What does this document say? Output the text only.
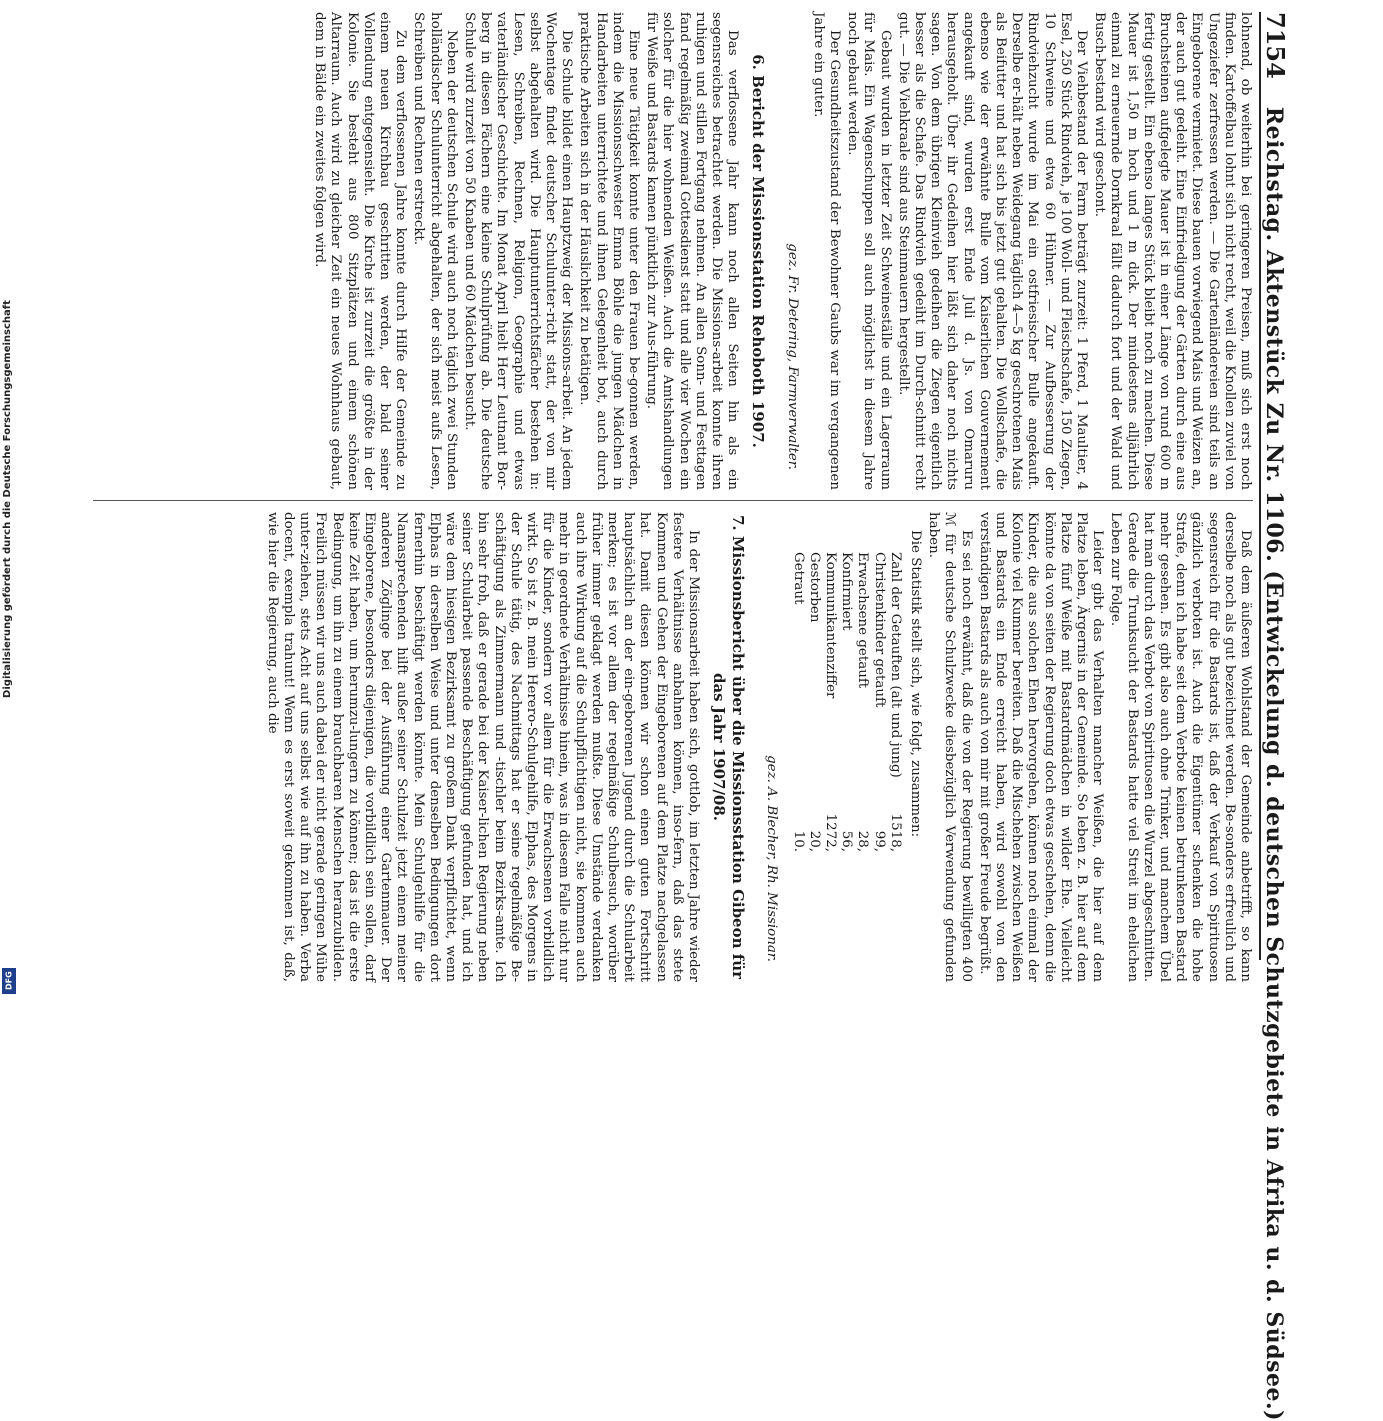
Digitalisierung gefördert durch die Deutsche Forschungsgemeinschaft
DFG
7154
Reichstag. Aktenstück Zu Nr. 1106. (Entwickelung d. deutschen Schutzgebiete in Afrika u. d. Südsee.)

lohnend, ob weiterhin bei geringeren Preisen, muß sich erst noch finden. Kartoffelbau lohnt sich nicht recht, weil die Knollen zuviel von Ungeziefer zerfressen werden. — Die Gartenländereien sind teils an Eingeborene vermietet. Diese bauen vorwiegend Mais und Weizen an, der auch gut gedeiht. Eine Einfriedigung der Gärten durch eine aus Bruchsteinen aufgelegte Mauer ist in einer Länge von rund 600 m fertig gestellt. Ein ebenso langes Stück bleibt noch zu machen. Diese Mauer ist 1,50 m hoch und 1 m dick. Der mindestens alljährlich einmal zu erneuernde Dornkraal fällt dadurch fort und der Wald und Busch-bestand wird geschont.

Der Viehbestand der Farm beträgt zurzeit: 1 Pferd, 1 Maultier, 4 Esel, 250 Stück Rindvieh, je 100 Woll- und Fleischschafe, 150 Ziegen, 10 Schweine und etwa 60 Hühner. — Zur Aufbesserung der Rindviehzucht wurde im Mai ein ostfriesischer Bulle angekauft. Derselbe er-hält neben Weidegang täglich 4—5 kg geschrotenen Mais als Beifutter und hat sich bis jetzt gut gehalten. Die Wollschafe, die ebenso wie der erwähnte Bulle vom Kaiserlichen Gouvernement angekauft sind, wurden erst Ende Juli d. Js. von Omaruru herausgeholt. Über ihr Gedeihen hier läßt sich daher noch nichts sagen. Von dem übrigen Kleinvieh gedeihen die Ziegen eigentlich besser als die Schafe. Das Rindvieh gedeiht im Durch-schnitt recht gut. — Die Viehkraale sind aus Steinmauern hergestellt.

Gebaut wurden in letzter Zeit Schweineställe und ein Lagerraum für Mais. Ein Wagenschuppen soll auch möglichst in diesem Jahre noch gebaut werden.

Der Gesundheitszustand der Bewohner Gaubs war im vergangenen Jahre ein guter.

gez. Fr. Detering, Farmverwalter.
6. Bericht der Missionsstation Rehoboth 1907.

Das verflossene Jahr kann noch allen Seiten hin als ein segensreiches betrachtet werden. Die Missions-arbeit konnte ihren ruhigen und stillen Fortgang nehmen. An allen Sonn- und Festtagen fand regelmäßig zweimal Gottesdienst statt und alle vier Wochen ein solcher für die hier wohnenden Weißen. Auch die Amtshandlungen für Weiße und Bastards kamen pünktlich zur Aus-führung.

Eine neue Tätigkeit konnte unter den Frauen be-gonnen werden, indem die Missionsschwester Emma Böhle die jungen Mädchen in Handarbeiten unterrichtete und ihnen Gelegenheit bot, auch durch praktische Arbeiten sich in der Häuslichkeit zu betätigen.

Die Schule bildet einen Hauptzweig der Missions-arbeit. An jedem Wochentage findet deutscher Schulunter-richt statt, der von mir selbst abgehalten wird. Die Hauptunterrichtsfächer bestehen in: Lesen, Schreiben, Rechnen, Religion, Geographie und etwas vaterländischer Geschichte. Im Monat April hielt Herr Leutnant Bor-berg in diesen Fächern eine kleine Schulprüfung ab. Die deutsche Schule wird zurzeit von 50 Knaben und 60 Mädchen besucht.

Neben der deutschen Schule wird auch noch täglich zwei Stunden holländischer Schulunterricht abgehalten, der sich meist aufs Lesen, Schreiben und Rechnen erstreckt.

Zu dem verflossenen Jahre konnte durch Hilfe der Gemeinde zu einem neuen Kirchbau geschritten werden, der bald seiner Vollendung entgegensieht. Die Kirche ist zurzeit die größte in der Kolonie. Sie besteht aus 800 Sitzplätzen und einem schönen Altarraum. Auch wird zu gleicher Zeit ein neues Wohnhaus gebaut, dem in Bälde ein zweites folgen wird.

Daß dem äußeren Wohlstand der Gemeinde anbetrifft, so kann derselbe noch als gut bezeichnet werden. Be-sonders erfreulich und segensreich für die Bastards ist, daß der Verkauf von Spirituosen gänzlich verboten ist. Auch die Eigentümer schenken die hohe Strafe, denn ich habe seit dem Verbote keinen betrunkenen Bastard mehr gesehen. Es gibt also auch ohne Trinker, und manchem Übel hat man durch das Verbot von Spirituosen die Wurzel abgeschnitten. Gerade die Trunksucht der Bastards hatte viel Streit im ehelichen Leben zur Folge.

Leider gibt das Verhalten mancher Weißen, die hier auf dem Platze leben, Ärgernis in der Gemeinde. So leben z. B. hier auf dem Platze fünf Weiße mit Bastardmädchen in wilder Ehe. Vielleicht könnte da von seiten der Regierung doch etwas geschehen, denn die Kinder, die aus solchen Ehen hervorgehen, können noch einmal der Kolonie viel Kummer bereiten. Daß die Mischehen zwischen Weißen und Bastards ein Ende erreicht haben, wird sowohl von den verständigen Bastards als auch von mir mit großer Freude begrüßt.

Es sei noch erwähnt, daß die von der Regierung bewilligten 400 ℳ für deutsche Schulzwecke diesbezüglich Verwendung gefunden haben.

Die Statistik stellt sich, wie folgt, zusammen:

Zahl der Getauften (alt und jung)
1518,
Christenkinder getauft
99,
Erwachsene getauft
28,
Konfirmiert
56,
Kommunikantenziffer
1272,
Gestorben
20,
Getraut
10.
gez. A. Blecher, Rh. Missionar.
7. Missionsbericht über die Missionsstation Gibeon für das Jahr 1907/08.

In der Missionsarbeit haben sich, gottlob, im letzten Jahre wieder festere Verhältnisse anbahnen können, inso-fern, daß das stete Kommen und Gehen der Eingeborenen auf dem Platze nachgelassen hat. Damit diesen können wir schon einen guten Fortschritt hauptsächlich an der ein-geborenen Jugend durch die Schularbeit merken; es ist vor allem der regelmäßige Schulbesuch, worüber früher immer geklagt werden mußte. Diese Umstände verdanken auch ihre Wirkung auf die Schulpflichtigen nicht, sie kommen auch mehr in geordnete Verhältnisse hinein, was in diesem Falle nicht nur für die Kinder, sondern vor allem für die Erwachsenen vorbildlich wirkt. So ist z. B. mein Herero-Schulgehilfe, Elphas, des Morgens in der Schule tätig, des Nachmittags hat er seine regelmäßige Be-schäftigung als Zimmermann und -tischler beim Bezirks-amte. Ich bin sehr froh, daß er gerade bei der Kaiser-lichen Regierung neben seiner Schularbeit passende Beschäftigung gefunden hat, und ich wäre dem hiesigen Bezirksamt zu großem Dank verpflichtet, wenn Elphas in derselben Weise und unter denselben Bedingungen dort fernerhin beschäftigt werden könnte. Mein Schulgehilfe für die Namasprechenden hilft außer seiner Schulzeit jetzt einem meiner anderen Zöglinge bei der Ausführung einer Gartenmauer. Der Eingeborene, besonders diejenigen, die vorbildlich sein sollen, darf keine Zeit haben, um herumzu-lungern zu können; das ist die erste Bedingung, um ihn zu einem brauchbaren Menschen heranzubilden. Freilich müssen wir uns auch dabei der nicht gerade geringen Mühe unter-ziehen, stets Acht auf uns selbst wie auf ihn zu haben. Verba docent, exempla trahunt! Wenn es erst soweit gekommen ist, daß, wie hier die Regierung, auch die
